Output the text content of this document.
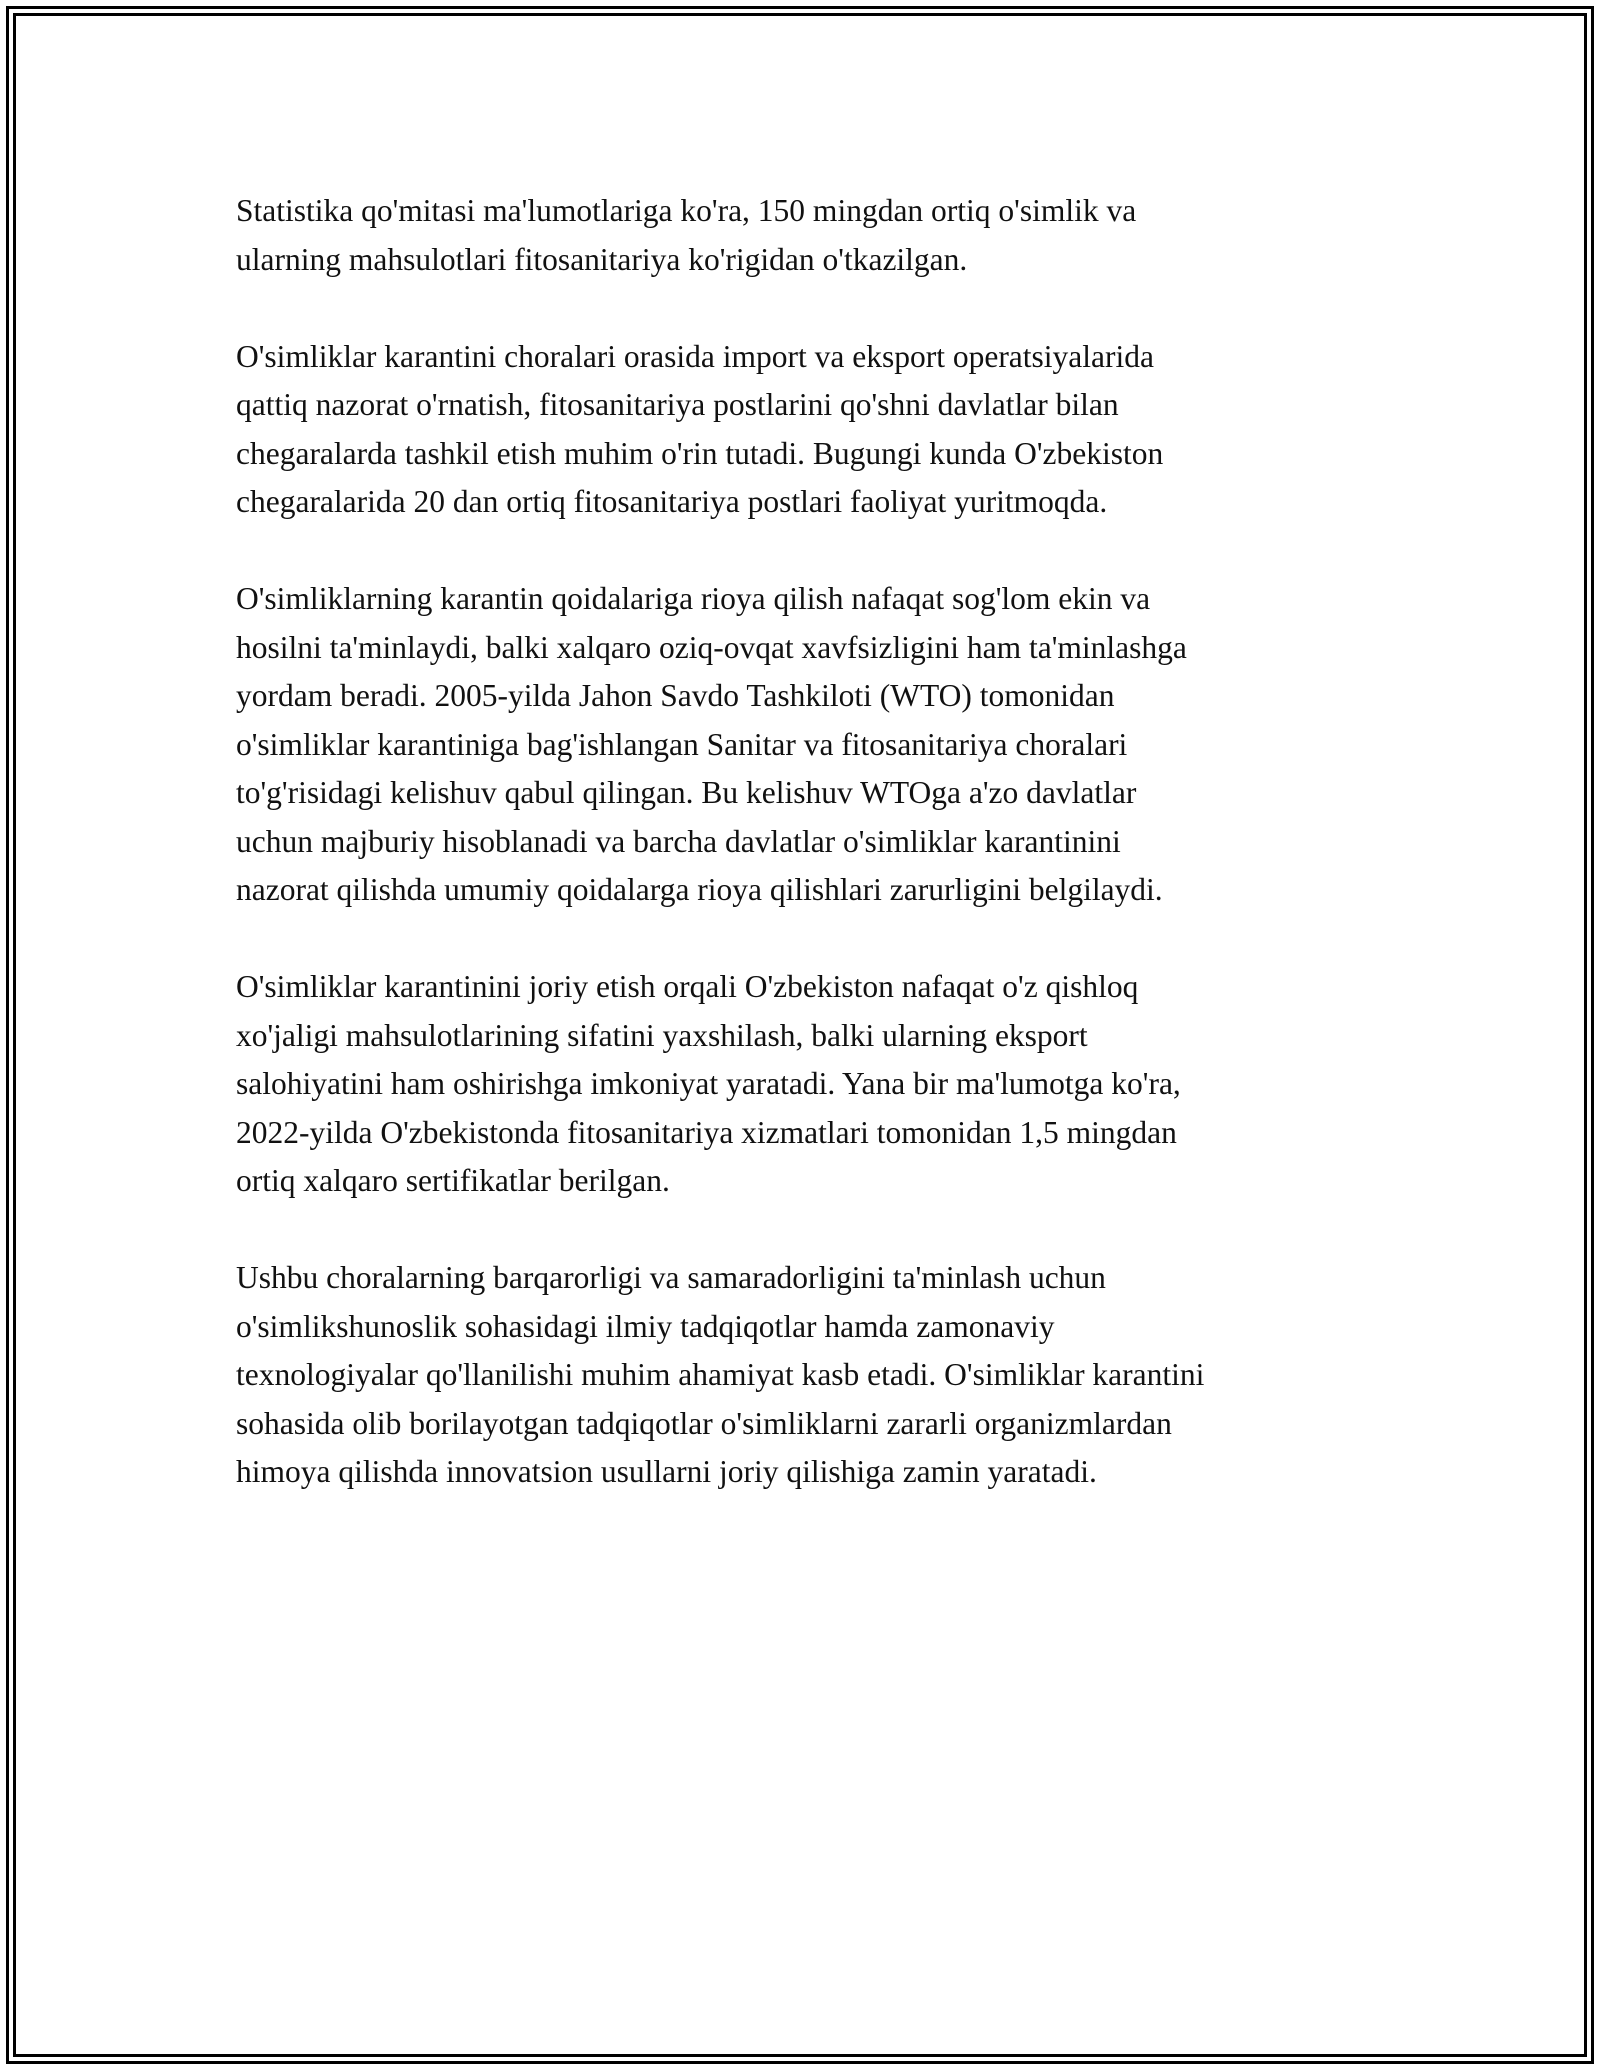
Statistika qo'mitasi ma'lumotlariga ko'ra, 150 mingdan ortiq o'simlik va
ularning mahsulotlari fitosanitariya ko'rigidan o'tkazilgan.

O'simliklar karantini choralari orasida import va eksport operatsiyalarida
qattiq nazorat o'rnatish, fitosanitariya postlarini qo'shni davlatlar bilan
chegaralarda tashkil etish muhim o'rin tutadi. Bugungi kunda O'zbekiston
chegaralarida 20 dan ortiq fitosanitariya postlari faoliyat yuritmoqda.

O'simliklarning karantin qoidalariga rioya qilish nafaqat sog'lom ekin va
hosilni ta'minlaydi, balki xalqaro oziq-ovqat xavfsizligini ham ta'minlashga
yordam beradi. 2005-yilda Jahon Savdo Tashkiloti (WTO) tomonidan
o'simliklar karantiniga bag'ishlangan Sanitar va fitosanitariya choralari
to'g'risidagi kelishuv qabul qilingan. Bu kelishuv WTOga a'zo davlatlar
uchun majburiy hisoblanadi va barcha davlatlar o'simliklar karantinini
nazorat qilishda umumiy qoidalarga rioya qilishlari zarurligini belgilaydi.

O'simliklar karantinini joriy etish orqali O'zbekiston nafaqat o'z qishloq
xo'jaligi mahsulotlarining sifatini yaxshilash, balki ularning eksport
salohiyatini ham oshirishga imkoniyat yaratadi. Yana bir ma'lumotga ko'ra,
2022-yilda O'zbekistonda fitosanitariya xizmatlari tomonidan 1,5 mingdan
ortiq xalqaro sertifikatlar berilgan.

Ushbu choralarning barqarorligi va samaradorligini ta'minlash uchun
o'simlikshunoslik sohasidagi ilmiy tadqiqotlar hamda zamonaviy
texnologiyalar qo'llanilishi muhim ahamiyat kasb etadi. O'simliklar karantini
sohasida olib borilayotgan tadqiqotlar o'simliklarni zararli organizmlardan
himoya qilishda innovatsion usullarni joriy qilishiga zamin yaratadi.
